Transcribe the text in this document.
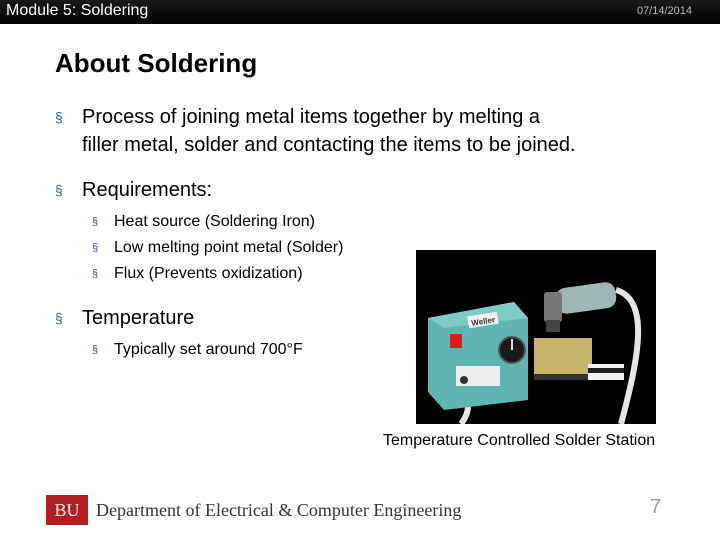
Module 5: Soldering	07/14/2014
About Soldering
§ Process of joining metal items together by melting a
filler metal, solder and contacting the items to be joined.
§ Requirements:
§ Heat source (Soldering Iron)
§ Low melting point metal (Solder)
§ Flux (Prevents oxidization)
§ Temperature
§ Typically set around 700°F
Weller
Temperature Controlled Solder Station
BU Department of Electrical & Computer Engineering	7
